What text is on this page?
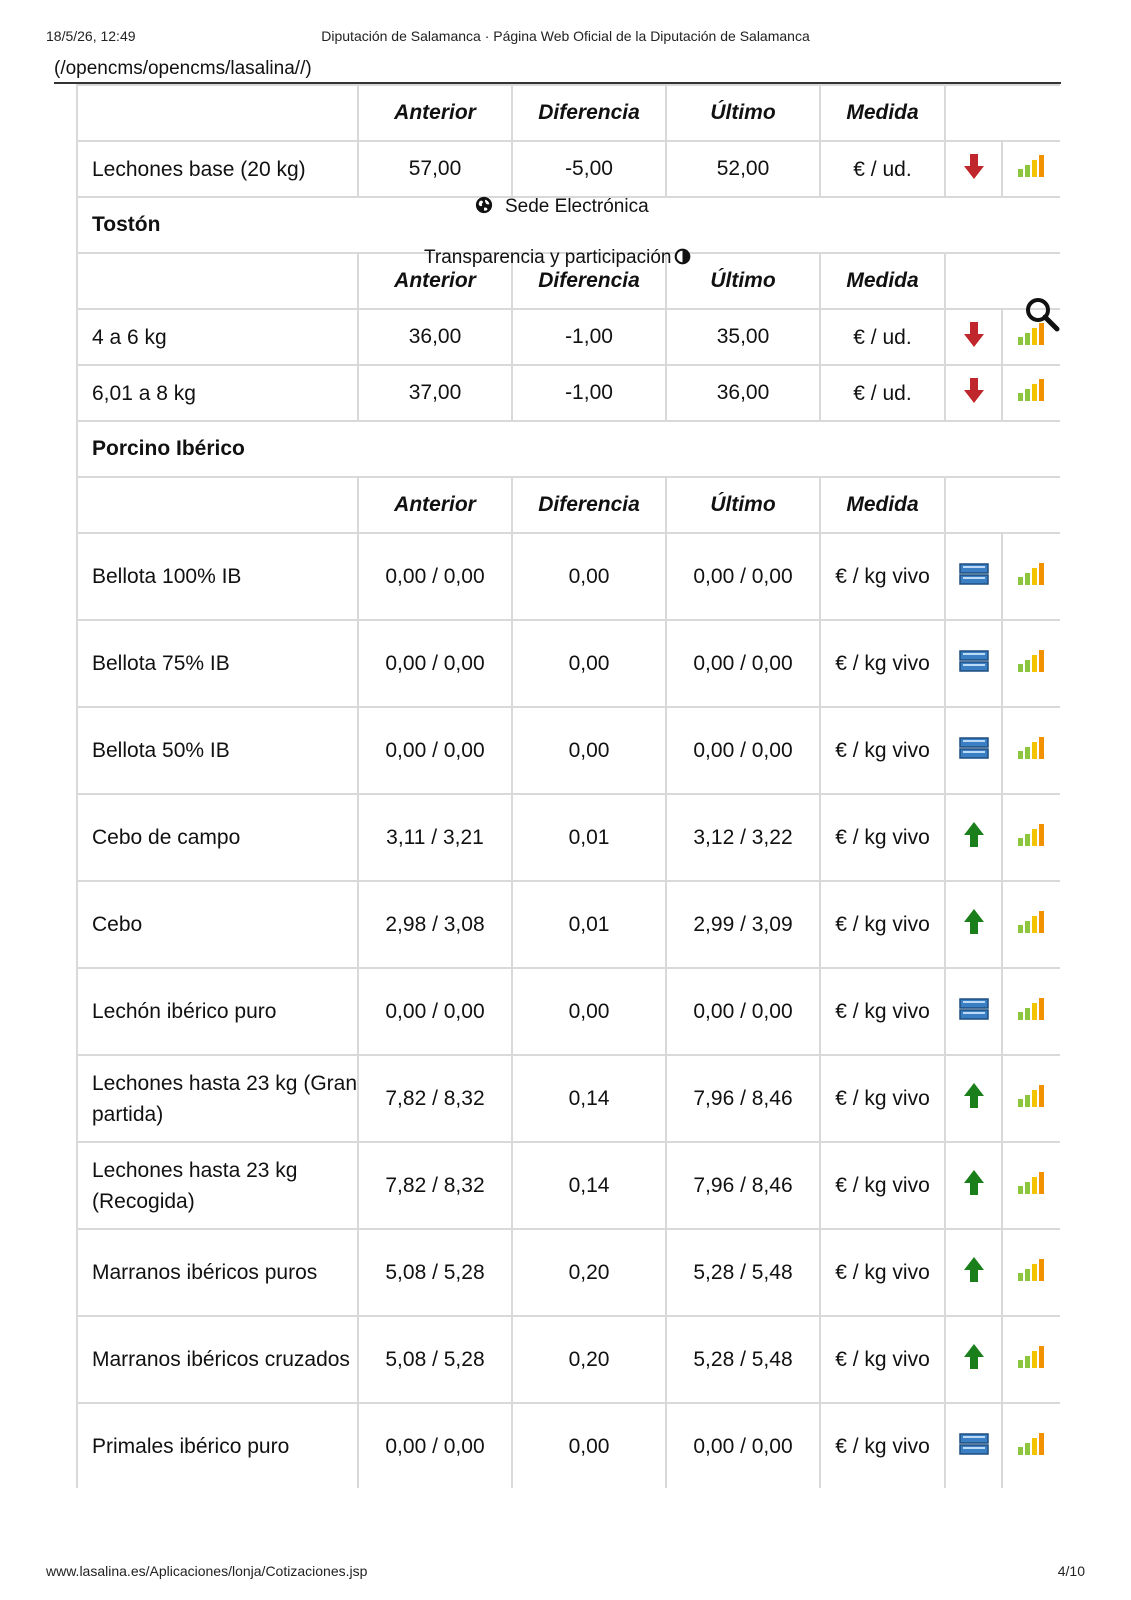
18/5/26, 12:49	Diputación de Salamanca · Página Web Oficial de la Diputación de Salamanca
(/opencms/opencms/lasalina//)
	Anterior	Diferencia	Último	Medida		
Lechones base (20 kg)	57,00	-5,00	52,00	€ / ud.		
Tostón						
	Anterior	Diferencia	Último	Medida		
4 a 6 kg	36,00	-1,00	35,00	€ / ud.		
6,01 a 8 kg	37,00	-1,00	36,00	€ / ud.		
Porcino Ibérico						
	Anterior	Diferencia	Último	Medida		
Bellota 100% IB	0,00 / 0,00	0,00	0,00 / 0,00	€ / kg vivo		
Bellota 75% IB	0,00 / 0,00	0,00	0,00 / 0,00	€ / kg vivo		
Bellota 50% IB	0,00 / 0,00	0,00	0,00 / 0,00	€ / kg vivo		
Cebo de campo	3,11 / 3,21	0,01	3,12 / 3,22	€ / kg vivo		
Cebo	2,98 / 3,08	0,01	2,99 / 3,09	€ / kg vivo		
Lechón ibérico puro	0,00 / 0,00	0,00	0,00 / 0,00	€ / kg vivo		
Lechones hasta 23 kg (Gran partida)	7,82 / 8,32	0,14	7,96 / 8,46	€ / kg vivo		
Lechones hasta 23 kg (Recogida)	7,82 / 8,32	0,14	7,96 / 8,46	€ / kg vivo		
Marranos ibéricos puros	5,08 / 5,28	0,20	5,28 / 5,48	€ / kg vivo		
Marranos ibéricos cruzados	5,08 / 5,28	0,20	5,28 / 5,48	€ / kg vivo		
Primales ibérico puro	0,00 / 0,00	0,00	0,00 / 0,00	€ / kg vivo		
Sede Electrónica
Transparencia y participación
www.lasalina.es/Aplicaciones/lonja/Cotizaciones.jsp	4/10
